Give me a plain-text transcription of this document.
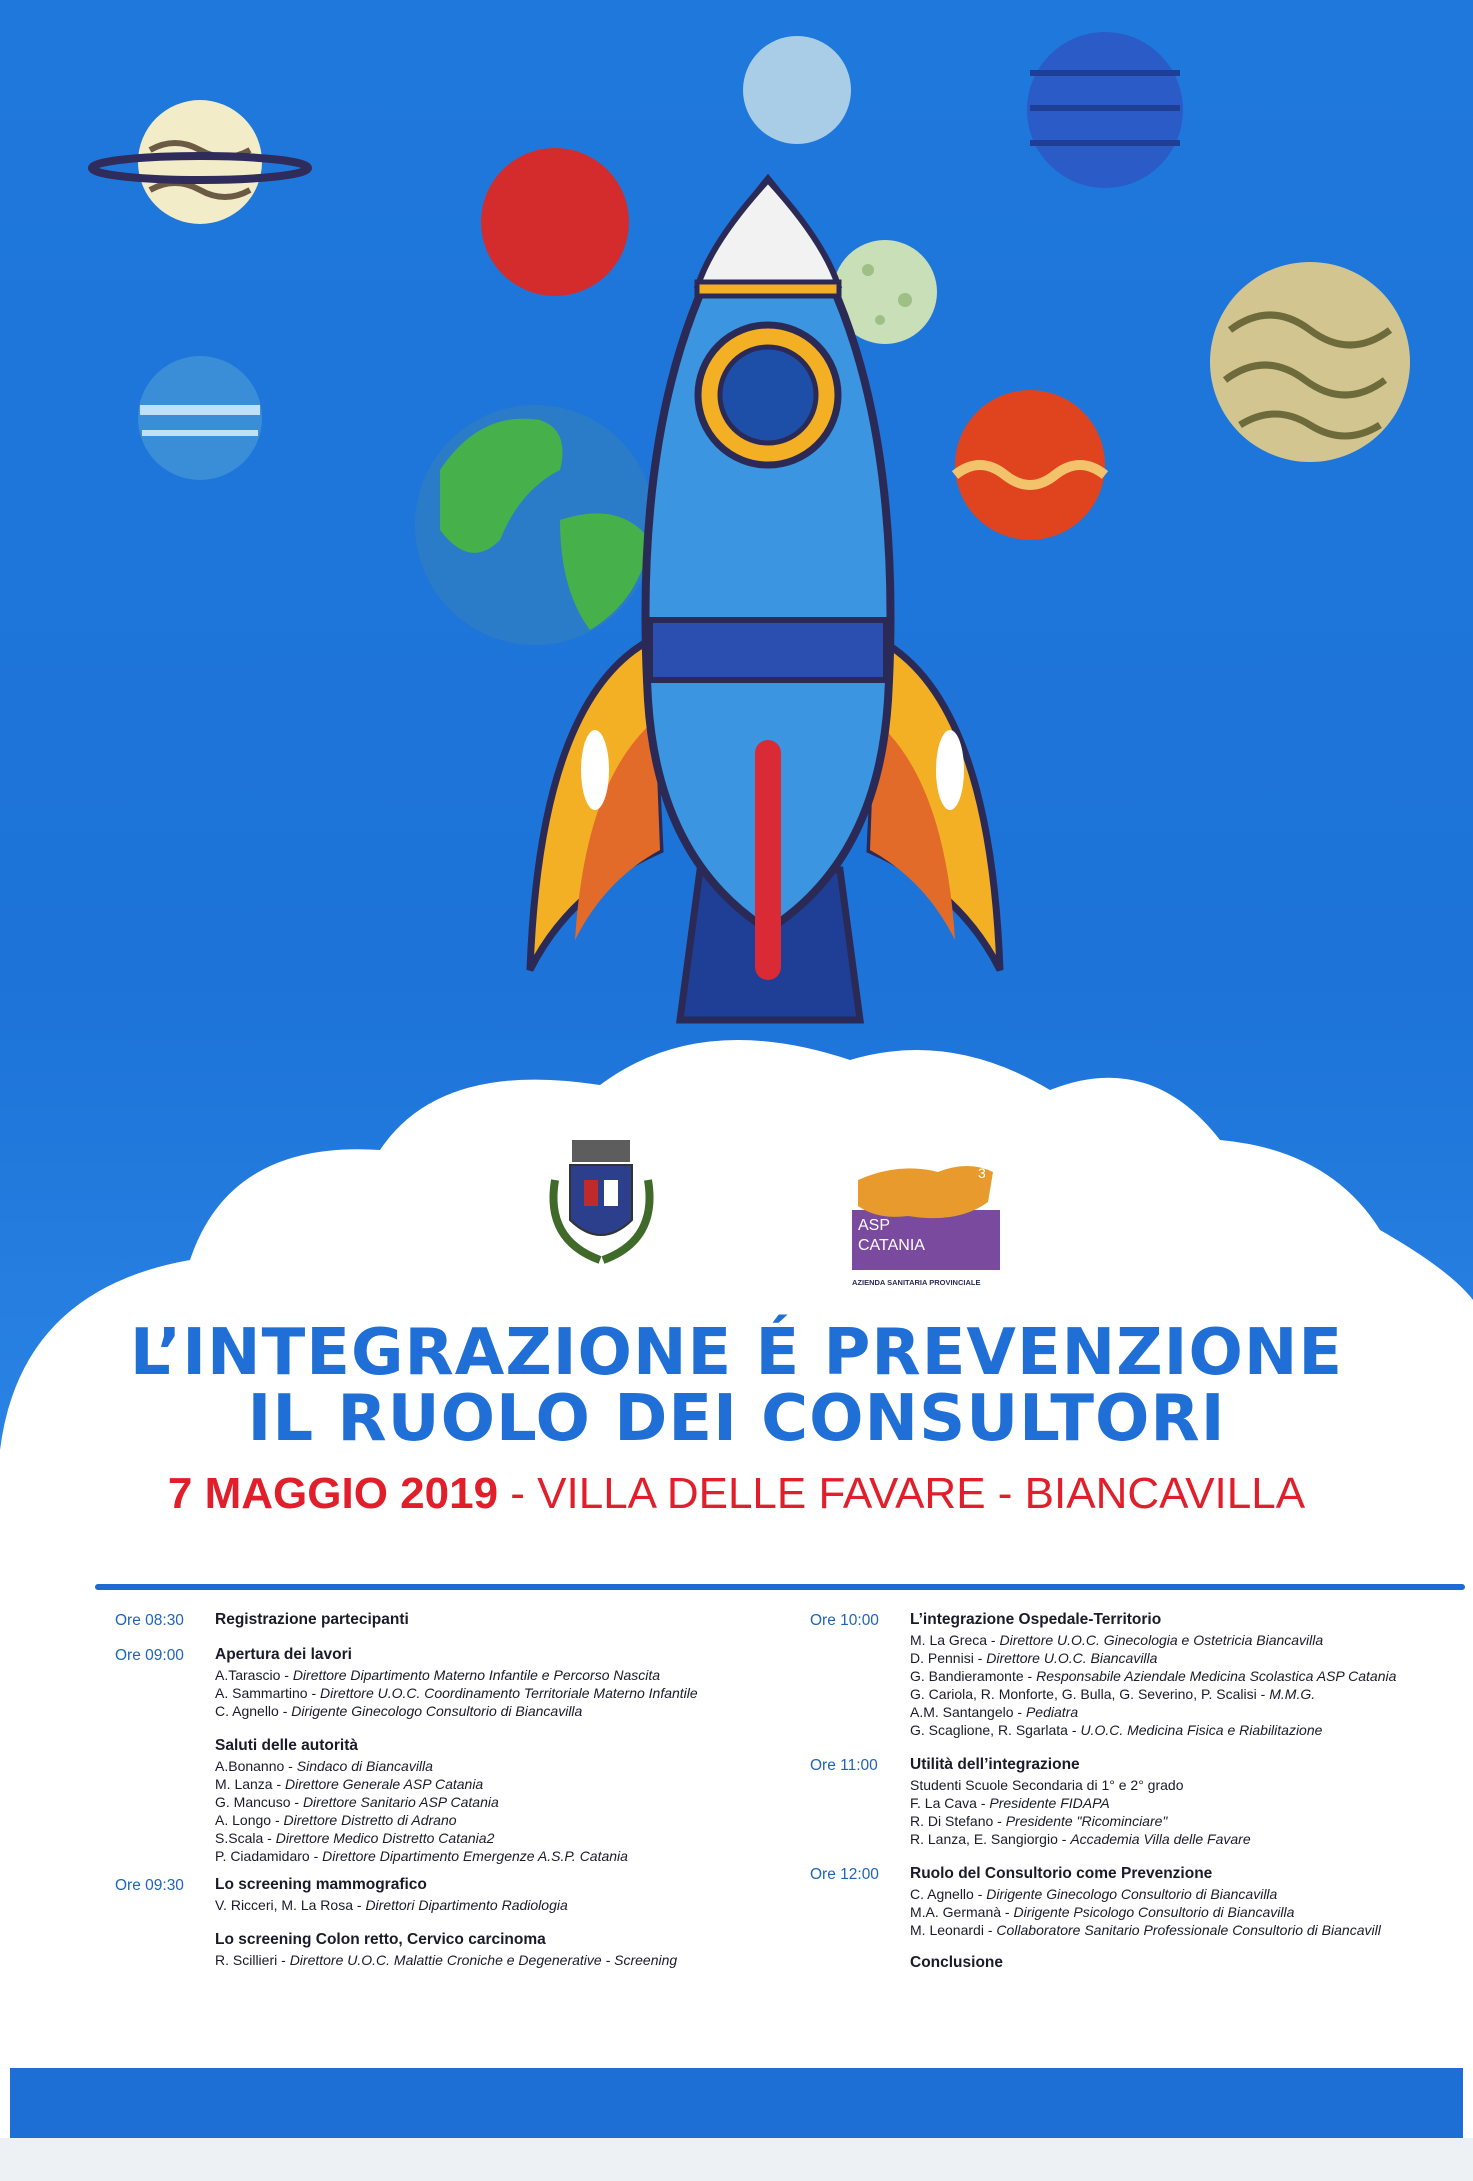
3
ASP
CATANIA
AZIENDA SANITARIA PROVINCIALE

L’INTEGRAZIONE É PREVENZIONE

IL RUOLO DEI CONSULTORI

7 MAGGIO 2019 - VILLA DELLE FAVARE - BIANCAVILLA
Ore 08:30	Registrazione partecipanti
Ore 09:00	Apertura dei lavori
A.Tarascio - Direttore Dipartimento Materno Infantile e Percorso Nascita
A. Sammartino - Direttore U.O.C. Coordinamento Territoriale Materno Infantile
C. Agnello - Dirigente Ginecologo Consultorio di Biancavilla
Saluti delle autorità
A.Bonanno - Sindaco di Biancavilla
M. Lanza - Direttore Generale ASP Catania
G. Mancuso - Direttore Sanitario ASP Catania
A. Longo - Direttore Distretto di Adrano
S.Scala - Direttore Medico Distretto Catania2
P. Ciadamidaro - Direttore Dipartimento Emergenze A.S.P. Catania
Ore 09:30	Lo screening mammografico
V. Ricceri, M. La Rosa - Direttori Dipartimento Radiologia
Lo screening Colon retto, Cervico carcinoma
R. Scillieri - Direttore U.O.C. Malattie Croniche e Degenerative - Screening
Ore 10:00	L’integrazione Ospedale-Territorio
M. La Greca - Direttore U.O.C. Ginecologia e Ostetricia Biancavilla
D. Pennisi - Direttore U.O.C. Biancavilla
G. Bandieramonte - Responsabile Aziendale Medicina Scolastica ASP Catania
G. Cariola, R. Monforte, G. Bulla, G. Severino, P. Scalisi - M.M.G.
A.M. Santangelo - Pediatra
G. Scaglione, R. Sgarlata - U.O.C. Medicina Fisica e Riabilitazione
Ore 11:00	Utilità dell’integrazione
Studenti Scuole Secondaria di 1° e 2° grado
F. La Cava - Presidente FIDAPA
R. Di Stefano - Presidente "Ricominciare"
R. Lanza, E. Sangiorgio - Accademia Villa delle Favare
Ore 12:00	Ruolo del Consultorio come Prevenzione
C. Agnello - Dirigente Ginecologo Consultorio di Biancavilla
M.A. Germanà - Dirigente Psicologo Consultorio di Biancavilla
M. Leonardi - Collaboratore Sanitario Professionale Consultorio di Biancavill
Conclusione
